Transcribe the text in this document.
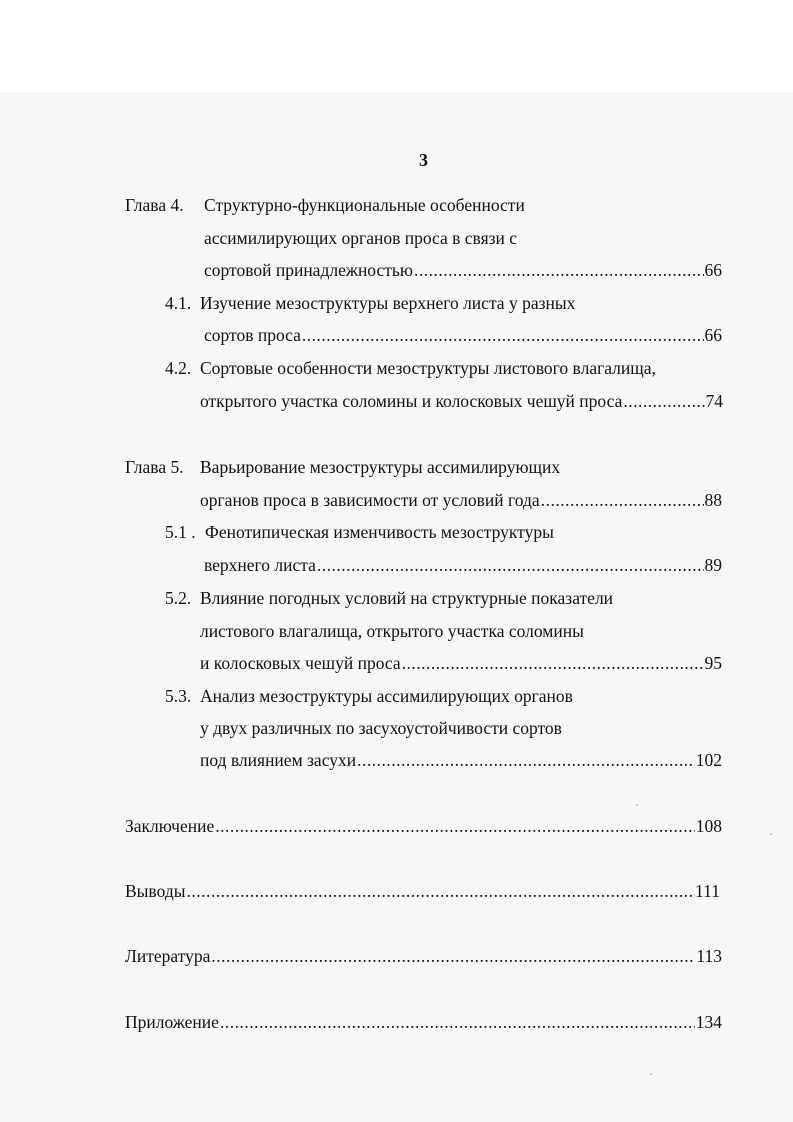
3
Глава 4. Структурно-функциональные особенности
ассимилирующих органов проса в связи с
сортовой принадлежностью .....	66
4.1. Изучение мезоструктуры верхнего листа у разных
сортов проса .....	66
4.2. Сортовые особенности мезоструктуры листового влагалища,
открытого участка соломины и колосковых чешуй проса .....	74
Глава 5. Варьирование мезоструктуры ассимилирующих
органов проса в зависимости от условий года .....	88
5.1 . Фенотипическая изменчивость мезоструктуры
верхнего листа .....	89
5.2. Влияние погодных условий на структурные показатели
листового влагалища, открытого участка соломины
и колосковых чешуй проса .....	95
5.3. Анализ мезоструктуры ассимилирующих органов
у двух различных по засухоустойчивости сортов
под влиянием засухи .....	102
Заключение .....	108
Выводы .....	111
Литература .....	113
Приложение .....	134
